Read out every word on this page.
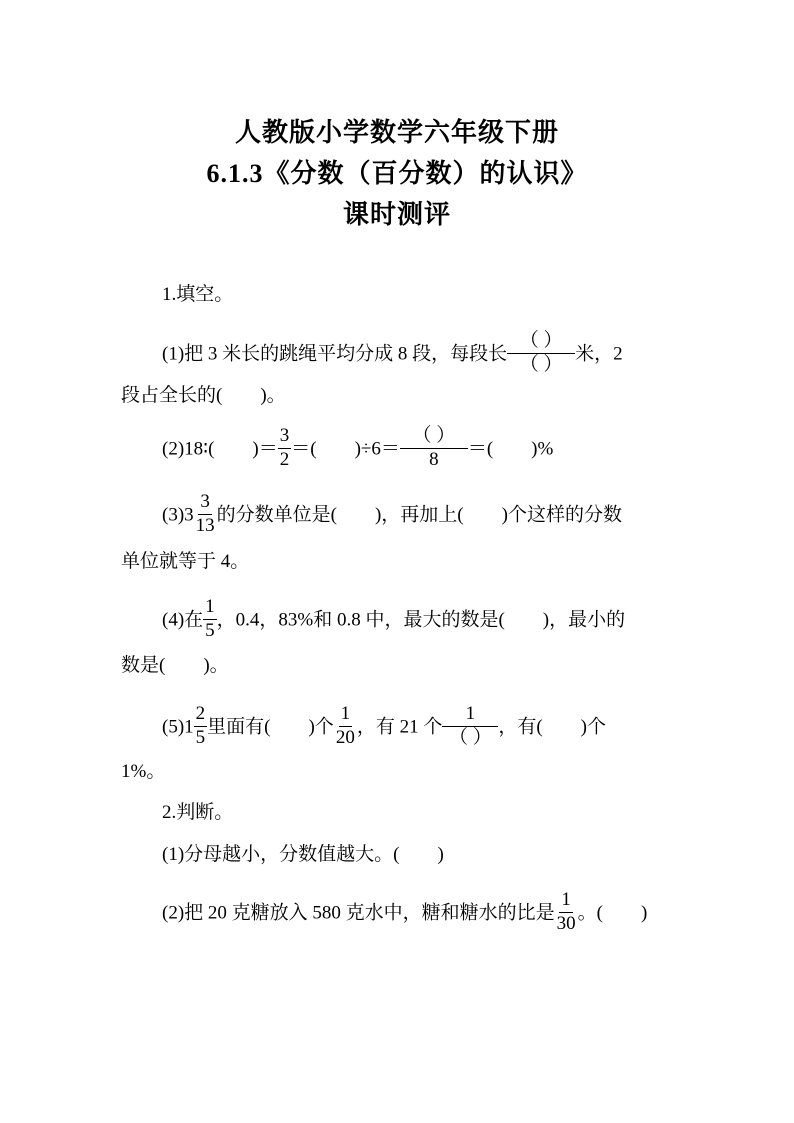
人教版小学数学六年级下册
6.1.3《分数（百分数）的认识》
课时测评
1.填空。
(1)把 3 米长的跳绳平均分成 8 段，每段长 $\frac{( )}{( )}$ 米，2
段占全长的(　　)。
(2)18∶(　　)＝ $\frac{3}{2}$ ＝(　　)$\div 6= \frac{( )}{8}$ ＝(　　)%
$(3)3 \frac{3}{13}$ 的分数单位是(　　)，再加上(　　)个这样的分数
单位就等于 4。
(4)在 $\frac{1}{5}$ ，0.4，83%和 0.8 中，最大的数是(　　)，最小的
数是(　　)。
$(5)1 \frac{2}{5}$ 里面有(　　)个 $\frac{1}{20}$ ，有 21 个 $\frac{1}{( )}$ ，有(　　)个
1%。
2.判断。
(1)分母越小，分数值越大。(　　)
(2)把 20 克糖放入 580 克水中，糖和糖水的比是 $\frac{1}{30}$ 。(　　)
